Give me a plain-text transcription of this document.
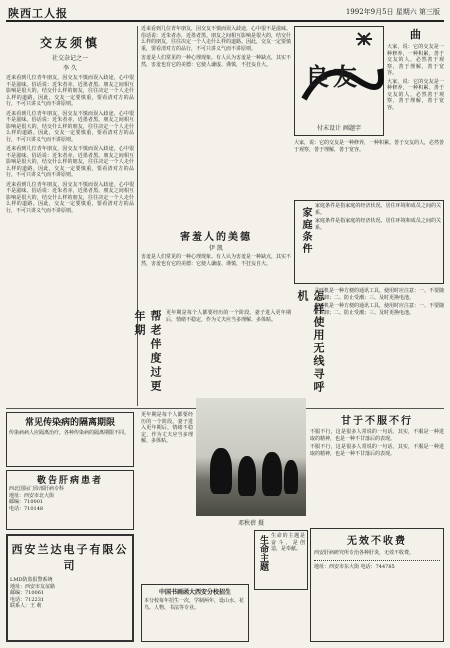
陕西工人报	1992年9月5日 星期六 第三版
交友须慎
社交杂记之一
李 久
近来看到几位青年朋友，因交友不慎而误入歧途，心中很不是滋味。俗话说：近朱者赤，近墨者黑。朋友之间相互影响是很大的，结交什么样的朋友，往往决定一个人走什么样的道路。因此，交友一定要慎重，要看清对方的品行，不可只讲义气而不讲原则。
近来看到几位青年朋友，因交友不慎而误入歧途，心中很不是滋味。俗话说：近朱者赤，近墨者黑。朋友之间相互影响是很大的，结交什么样的朋友，往往决定一个人走什么样的道路。因此，交友一定要慎重，要看清对方的品行，不可只讲义气而不讲原则。
近来看到几位青年朋友，因交友不慎而误入歧途，心中很不是滋味。俗话说：近朱者赤，近墨者黑。朋友之间相互影响是很大的，结交什么样的朋友，往往决定一个人走什么样的道路。因此，交友一定要慎重，要看清对方的品行，不可只讲义气而不讲原则。
近来看到几位青年朋友，因交友不慎而误入歧途，心中很不是滋味。俗话说：近朱者赤，近墨者黑。朋友之间相互影响是很大的，结交什么样的朋友，往往决定一个人走什么样的道路。因此，交友一定要慎重，要看清对方的品行，不可只讲义气而不讲原则。
常见传染病的隔离期限
传染病病人应隔离治疗，各种传染病的隔离期限不同。
敬告肝病患者
西北国际门诊部肝病专科
地址：西安市北大街
邮编：710001
电话：710148
西安兰达电子有限公司
LMD防盗报警系统
地址：西安市友谊路
邮编：710061
电话：712231
联系人：王 莉
近来看到几位青年朋友，因交友不慎而误入歧途，心中很不是滋味。俗话说：近朱者赤，近墨者黑。朋友之间相互影响是很大的，结交什么样的朋友，往往决定一个人走什么样的道路。因此，交友一定要慎重，要看清对方的品行，不可只讲义气而不讲原则。
害羞是人们常见的一种心理现象。有人认为害羞是一种缺点，其实不然，害羞也有它的美德：它使人谦虚、谨慎，不狂妄自大。	良友
付末设计 画题字
曲
大家，说：它的交友是一种修养，一种积累。善于交友的人，必然善于观察，善于理解，善于宽容。
大家，说：它的交友是一种修养，一种积累。善于交友的人，必然善于观察，善于理解，善于宽容。
大家，说：它的交友是一种修养，一种积累。善于交友的人，必然善于观察，善于理解，善于宽容。
害羞人的美德
伊 凯
害羞是人们常见的一种心理现象。有人认为害羞是一种缺点，其实不然，害羞也有它的美德：它使人谦虚、谨慎，不狂妄自大。
家庭条件
家庭条件是指家庭的经济状况、居住环境和成员之间的关系。
家庭条件是指家庭的经济状况、居住环境和成员之间的关系。
帮老伴度过更年期	更年期是每个人都要经历的一个阶段。妻子进入更年期后，情绪不稳定，作为丈夫应当多理解、多体贴。
邓秋蓓 摄
怎样使用无线寻呼机	寻呼机是一种方便的通讯工具，使用时应注意：一、不要随意拆卸；二、防止受潮；三、及时更换电池。
寻呼机是一种方便的通讯工具，使用时应注意：一、不要随意拆卸；二、防止受潮；三、及时更换电池。
甘于不服不行
不服不行，这是很多人常说的一句话。其实，不服是一种进取的精神，也是一种不甘落后的表现。
不服不行，这是很多人常说的一句话。其实，不服是一种进取的精神，也是一种不甘落后的表现。
生命主题 生命的主题是奋斗，是创造，是奉献。
中国书画函大西安分校招生
本分校每年招生一次，学制两年，设山水、花鸟、人物、书法等专业。
更年期是每个人都要经历的一个阶段。妻子进入更年期后，情绪不稳定，作为丈夫应当多理解、多体贴。
无效不收费
西安肝病研究所专治各种肝炎，无效不收费。
地址：西安市东大街 电话：744785
